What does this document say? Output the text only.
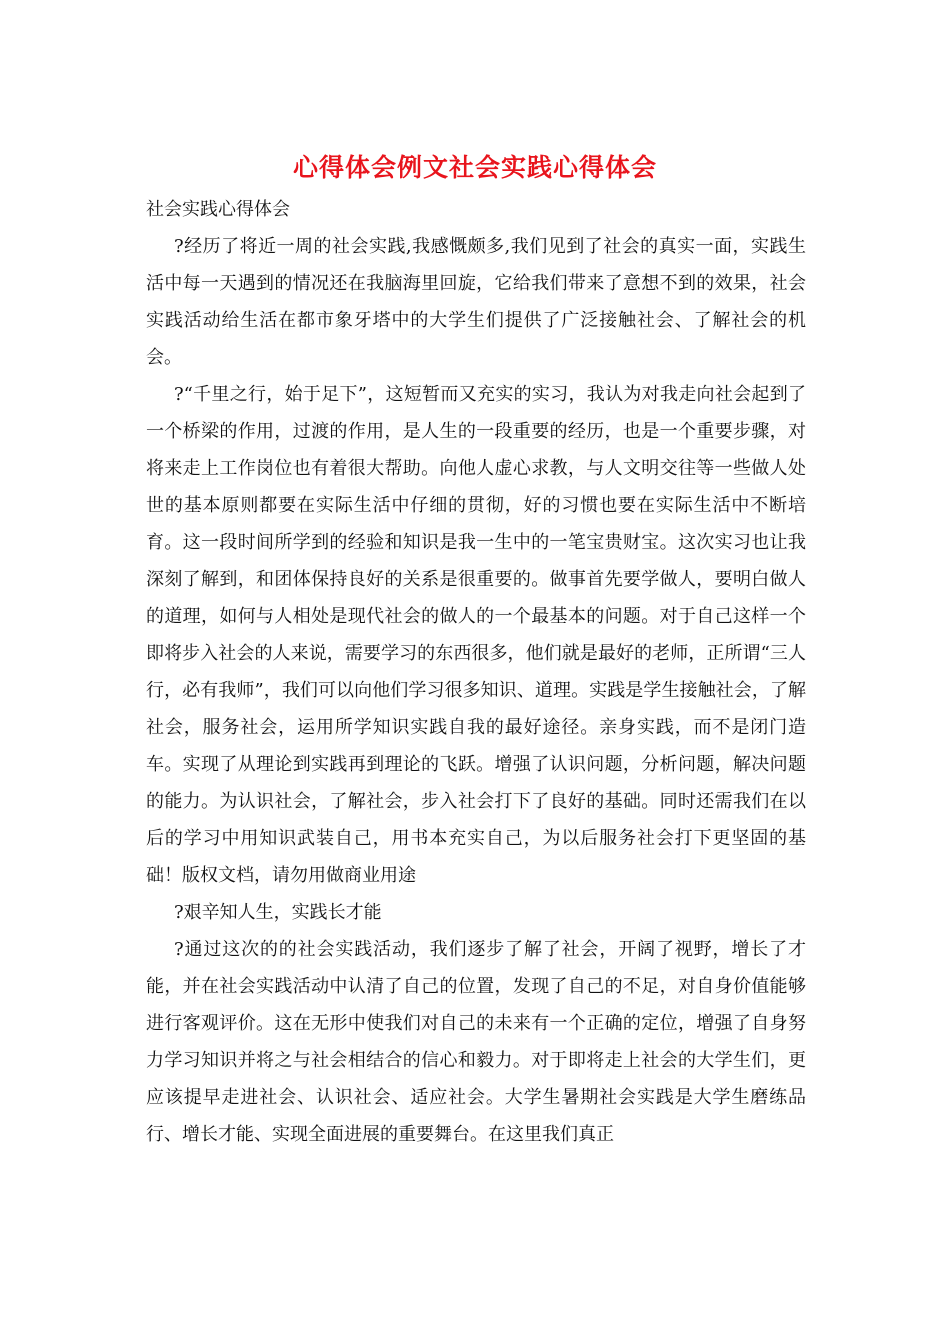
心得体会例文社会实践心得体会

社会实践心得体会

?经历了将近一周的社会实践,我感慨颇多,我们见到了社会的真实一面，实践生活中每一天遇到的情况还在我脑海里回旋，它给我们带来了意想不到的效果，社会实践活动给生活在都市象牙塔中的大学生们提供了广泛接触社会、了解社会的机会。

?“千里之行，始于足下”，这短暂而又充实的实习，我认为对我走向社会起到了一个桥梁的作用，过渡的作用，是人生的一段重要的经历，也是一个重要步骤，对将来走上工作岗位也有着很大帮助。向他人虚心求教，与人文明交往等一些做人处世的基本原则都要在实际生活中仔细的贯彻，好的习惯也要在实际生活中不断培育。这一段时间所学到的经验和知识是我一生中的一笔宝贵财宝。这次实习也让我深刻了解到，和团体保持良好的关系是很重要的。做事首先要学做人，要明白做人的道理，如何与人相处是现代社会的做人的一个最基本的问题。对于自己这样一个即将步入社会的人来说，需要学习的东西很多，他们就是最好的老师，正所谓“三人行，必有我师”，我们可以向他们学习很多知识、道理。实践是学生接触社会，了解社会，服务社会，运用所学知识实践自我的最好途径。亲身实践，而不是闭门造车。实现了从理论到实践再到理论的飞跃。增强了认识问题，分析问题，解决问题的能力。为认识社会，了解社会，步入社会打下了良好的基础。同时还需我们在以后的学习中用知识武装自己，用书本充实自己，为以后服务社会打下更坚固的基础！版权文档，请勿用做商业用途

?艰辛知人生，实践长才能

?通过这次的的社会实践活动，我们逐步了解了社会，开阔了视野，增长了才能，并在社会实践活动中认清了自己的位置，发现了自己的不足，对自身价值能够进行客观评价。这在无形中使我们对自己的未来有一个正确的定位，增强了自身努力学习知识并将之与社会相结合的信心和毅力。对于即将走上社会的大学生们，更应该提早走进社会、认识社会、适应社会。大学生暑期社会实践是大学生磨练品行、增长才能、实现全面进展的重要舞台。在这里我们真正
